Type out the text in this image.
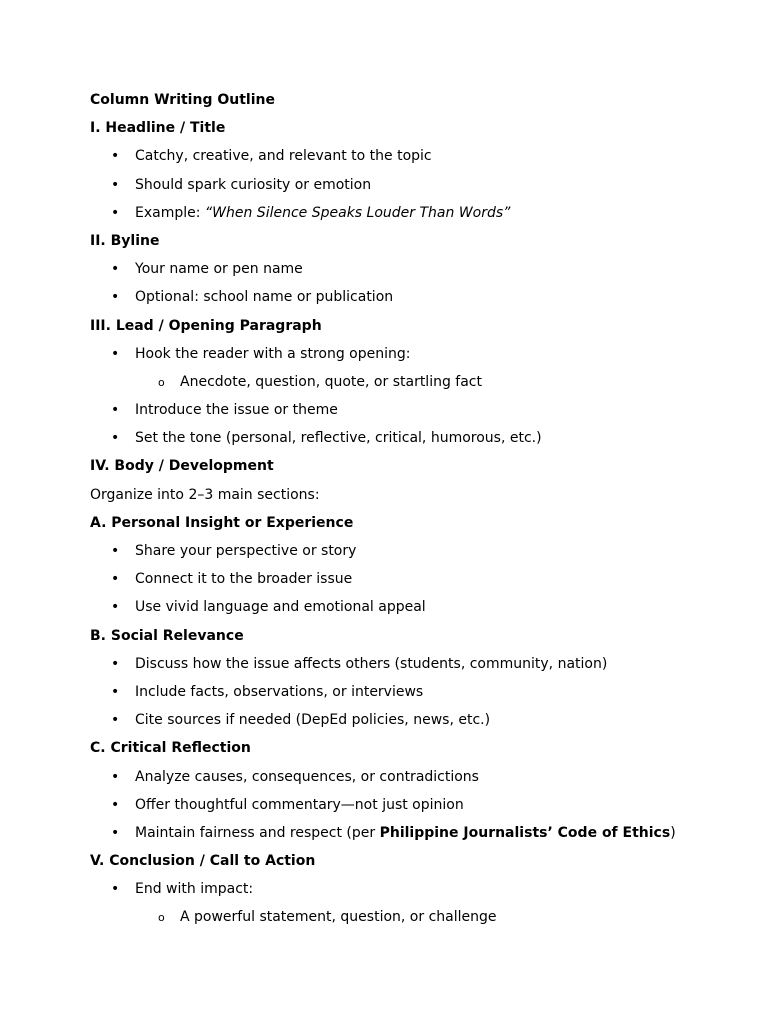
Column Writing Outline
I. Headline / Title
• Catchy, creative, and relevant to the topic
• Should spark curiosity or emotion
• Example: “When Silence Speaks Louder Than Words”
II. Byline
• Your name or pen name
• Optional: school name or publication
III. Lead / Opening Paragraph
• Hook the reader with a strong opening:
o Anecdote, question, quote, or startling fact
• Introduce the issue or theme
• Set the tone (personal, reflective, critical, humorous, etc.)
IV. Body / Development
Organize into 2–3 main sections:
A. Personal Insight or Experience
• Share your perspective or story
• Connect it to the broader issue
• Use vivid language and emotional appeal
B. Social Relevance
• Discuss how the issue affects others (students, community, nation)
• Include facts, observations, or interviews
• Cite sources if needed (DepEd policies, news, etc.)
C. Critical Reflection
• Analyze causes, consequences, or contradictions
• Offer thoughtful commentary—not just opinion
• Maintain fairness and respect (per Philippine Journalists’ Code of Ethics)
V. Conclusion / Call to Action
• End with impact:
o A powerful statement, question, or challenge
